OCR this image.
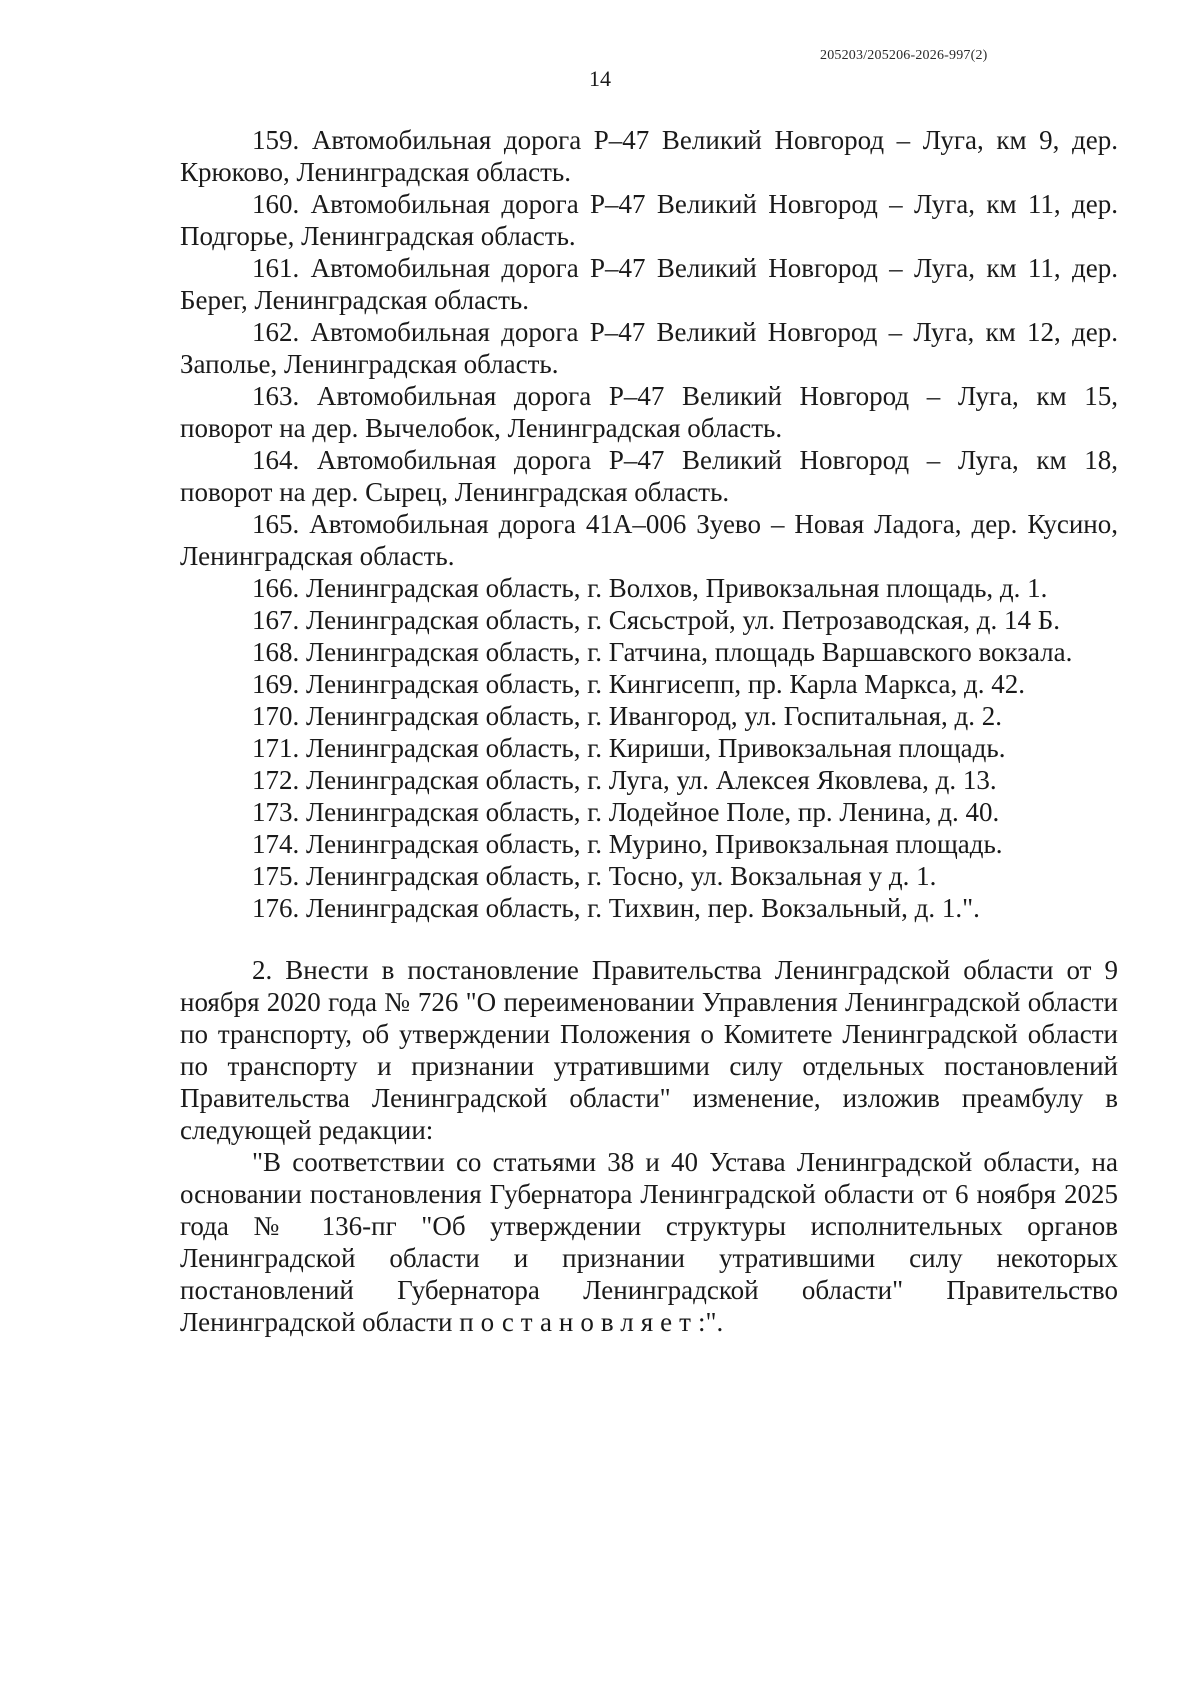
205203/205206-2026-997(2)
14

159. Автомобильная дорога Р–47 Великий Новгород – Луга, км 9, дер. Крюково, Ленинградская область.

160. Автомобильная дорога Р–47 Великий Новгород – Луга, км 11, дер. Подгорье, Ленинградская область.

161. Автомобильная дорога Р–47 Великий Новгород – Луга, км 11, дер. Берег, Ленинградская область.

162. Автомобильная дорога Р–47 Великий Новгород – Луга, км 12, дер. Заполье, Ленинградская область.

163. Автомобильная дорога Р–47 Великий Новгород – Луга, км 15, поворот на дер. Вычелобок, Ленинградская область.

164. Автомобильная дорога Р–47 Великий Новгород – Луга, км 18, поворот на дер. Сырец, Ленинградская область.

165. Автомобильная дорога 41А–006 Зуево – Новая Ладога, дер. Кусино, Ленинградская область.

166. Ленинградская область, г. Волхов, Привокзальная площадь, д. 1.

167. Ленинградская область, г. Сясьстрой, ул. Петрозаводская, д. 14 Б.

168. Ленинградская область, г. Гатчина, площадь Варшавского вокзала.

169. Ленинградская область, г. Кингисепп, пр. Карла Маркса, д. 42.

170. Ленинградская область, г. Ивангород, ул. Госпитальная, д. 2.

171. Ленинградская область, г. Кириши, Привокзальная площадь.

172. Ленинградская область, г. Луга, ул. Алексея Яковлева, д. 13.

173. Ленинградская область, г. Лодейное Поле, пр. Ленина, д. 40.

174. Ленинградская область, г. Мурино, Привокзальная площадь.

175. Ленинградская область, г. Тосно, ул. Вокзальная у д. 1.

176. Ленинградская область, г. Тихвин, пер. Вокзальный, д. 1.".

2. Внести в постановление Правительства Ленинградской области от 9 ноября 2020 года № 726 "О переименовании Управления Ленинградской области по транспорту, об утверждении Положения о Комитете Ленинградской области по транспорту и признании утратившими силу отдельных постановлений Правительства Ленинградской области" изменение, изложив преамбулу в следующей редакции:

"В соответствии со статьями 38 и 40 Устава Ленинградской области, на основании постановления Губернатора Ленинградской области от 6 ноября 2025 года № 136-пг "Об утверждении структуры исполнительных органов Ленинградской области и признании утратившими силу некоторых постановлений Губернатора Ленинградской области" Правительство Ленинградской области постановляет:".
